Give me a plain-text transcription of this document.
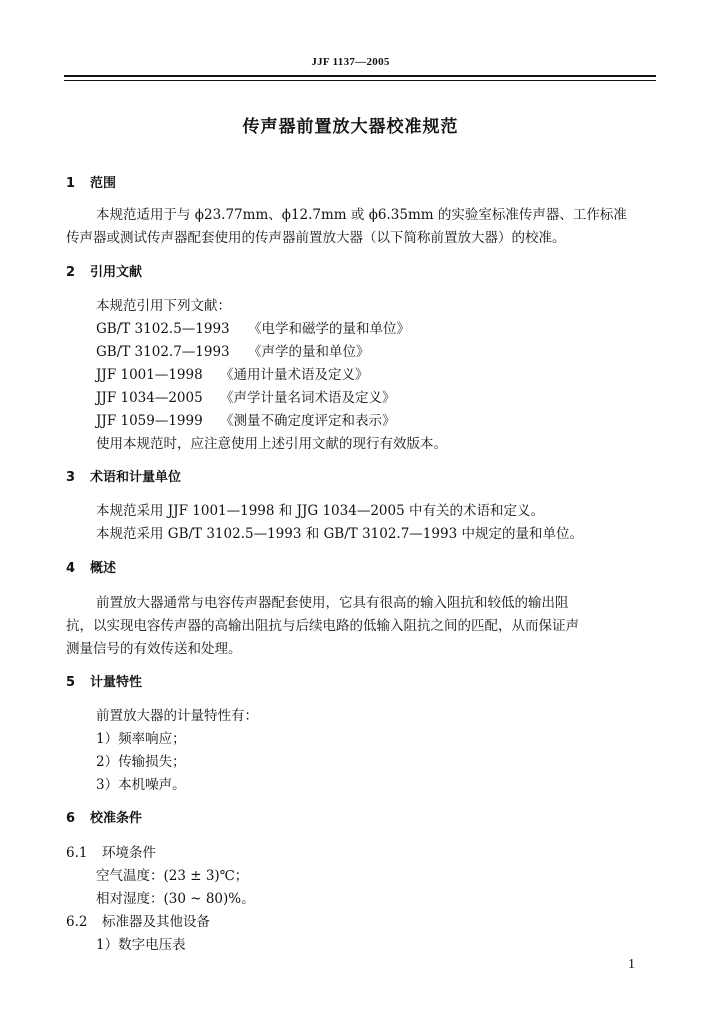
JJF 1137—2005
传声器前置放大器校准规范
1 范围
本规范适用于与 ϕ23.77mm、ϕ12.7mm 或 ϕ6.35mm 的实验室标准传声器、工作标准
传声器或测试传声器配套使用的传声器前置放大器（以下简称前置放大器）的校准。
2 引用文献
本规范引用下列文献：
GB/T 3102.5—1993 《电学和磁学的量和单位》
GB/T 3102.7—1993 《声学的量和单位》
JJF 1001—1998 《通用计量术语及定义》
JJF 1034—2005 《声学计量名词术语及定义》
JJF 1059—1999 《测量不确定度评定和表示》
使用本规范时，应注意使用上述引用文献的现行有效版本。
3 术语和计量单位
本规范采用 JJF 1001—1998 和 JJG 1034—2005 中有关的术语和定义。
本规范采用 GB/T 3102.5—1993 和 GB/T 3102.7—1993 中规定的量和单位。
4 概述
前置放大器通常与电容传声器配套使用，它具有很高的输入阻抗和较低的输出阻
抗，以实现电容传声器的高输出阻抗与后续电路的低输入阻抗之间的匹配，从而保证声
测量信号的有效传送和处理。
5 计量特性
前置放大器的计量特性有：
1）频率响应；
2）传输损失；
3）本机噪声。
6 校准条件
6.1 环境条件
空气温度：(23 ± 3)℃；
相对湿度：(30 ~ 80)%。
6.2 标准器及其他设备
1）数字电压表
1
